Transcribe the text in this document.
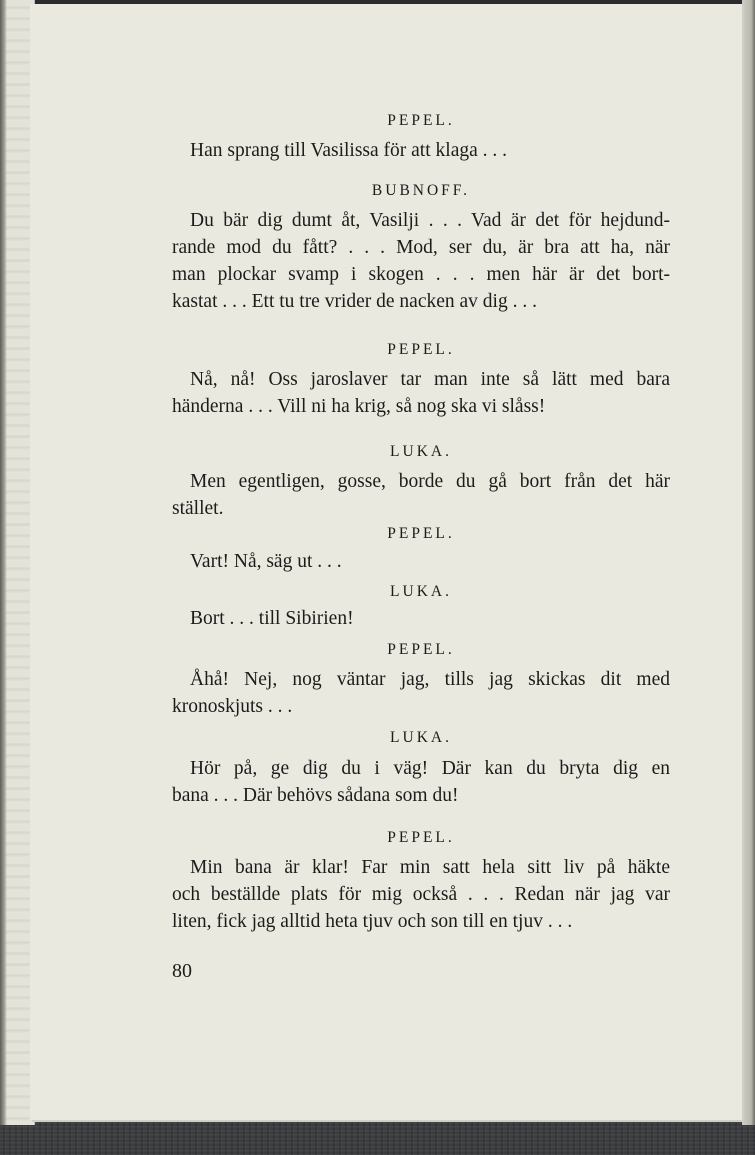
PEPEL.
Han sprang till Vasilissa för att klaga . . .
BUBNOFF.
Du bär dig dumt åt, Vasilji . . . Vad är det för hejdund-
rande mod du fått? . . . Mod, ser du, är bra att ha, när
man plockar svamp i skogen . . . men här är det bort-
kastat . . . Ett tu tre vrider de nacken av dig . . .
PEPEL.
Nå, nå! Oss jaroslaver tar man inte så lätt med bara
händerna . . . Vill ni ha krig, så nog ska vi slåss!
LUKA.
Men egentligen, gosse, borde du gå bort från det här
stället.
PEPEL.
Vart! Nå, säg ut . . .
LUKA.
Bort . . . till Sibirien!
PEPEL.
Åhå! Nej, nog väntar jag, tills jag skickas dit med
kronoskjuts . . .
LUKA.
Hör på, ge dig du i väg! Där kan du bryta dig en
bana . . . Där behövs sådana som du!
PEPEL.
Min bana är klar! Far min satt hela sitt liv på häkte
och beställde plats för mig också . . . Redan när jag var
liten, fick jag alltid heta tjuv och son till en tjuv . . .
80
